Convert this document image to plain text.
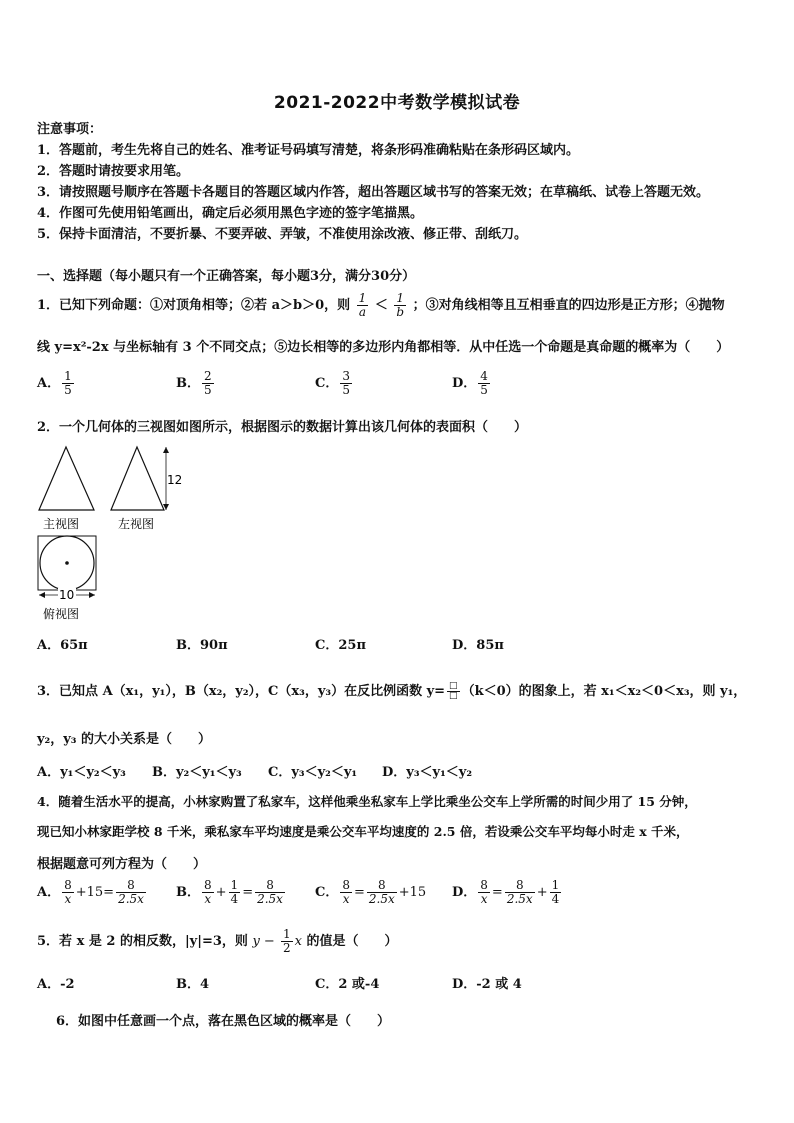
2021-2022中考数学模拟试卷
注意事项：
1．答题前，考生先将自己的姓名、准考证号码填写清楚，将条形码准确粘贴在条形码区域内。
2．答题时请按要求用笔。
3．请按照题号顺序在答题卡各题目的答题区域内作答，超出答题区域书写的答案无效；在草稿纸、试卷上答题无效。
4．作图可先使用铅笔画出，确定后必须用黑色字迹的签字笔描黑。
5．保持卡面清洁，不要折暴、不要弄破、弄皱，不准使用涂改液、修正带、刮纸刀。
一、选择题（每小题只有一个正确答案，每小题3分，满分30分）
1．已知下列命题：①对顶角相等；②若 a＞b＞0，则 $\frac{1}{a} < \frac{1}{b}$ ；③对角线相等且互相垂直的四边形是正方形；④抛物
线 y=x²-2x 与坐标轴有 3 个不同交点；⑤边长相等的多边形内角都相等．从中任选一个命题是真命题的概率为（　　）
A． $\frac{1}{5}$	B． $\frac{2}{5}$	C． $\frac{3}{5}$	D． $\frac{4}{5}$
2．一个几何体的三视图如图所示，根据图示的数据计算出该几何体的表面积（　　）
12
主视图	左视图
10
俯视图
A．65π	B．90π	C．25π	D．85π
3．已知点 A（x₁，y₁），B（x₂，y₂），C（x₃，y₃）在反比例函数 $y= \frac{□}{□} (k<0)$的图象上，若 x₁＜x₂＜0＜x₃，则 y₁，
y₂，y₃ 的大小关系是（　　）
A．y₁＜y₂＜y₃ B．y₂＜y₁＜y₃ C．y₃＜y₂＜y₁ D．y₃＜y₁＜y₂
4．随着生活水平的提高，小林家购置了私家车，这样他乘坐私家车上学比乘坐公交车上学所需的时间少用了 15 分钟，
现已知小林家距学校 8 千米，乘私家车平均速度是乘公交车平均速度的 2.5 倍，若设乘公交车平均每小时走 x 千米，
根据题意可列方程为（　　）
A． $\frac{8}{x} +15= \frac{8}{2.5x}$ B． $\frac{8}{x} + \frac{1}{4} = \frac{8}{2.5x}$ C． $\frac{8}{x} = \frac{8}{2.5x} +15$ D． $\frac{8}{x} = \frac{8}{2.5x} + \frac{1}{4}$
5．若 x 是 2 的相反数，|y|=3，则 $y - \frac{1}{2}$ x 的值是（　　）
A．-2	B．4	C．2 或-4	D．-2 或 4
6．如图中任意画一个点，落在黑色区域的概率是（　　）
